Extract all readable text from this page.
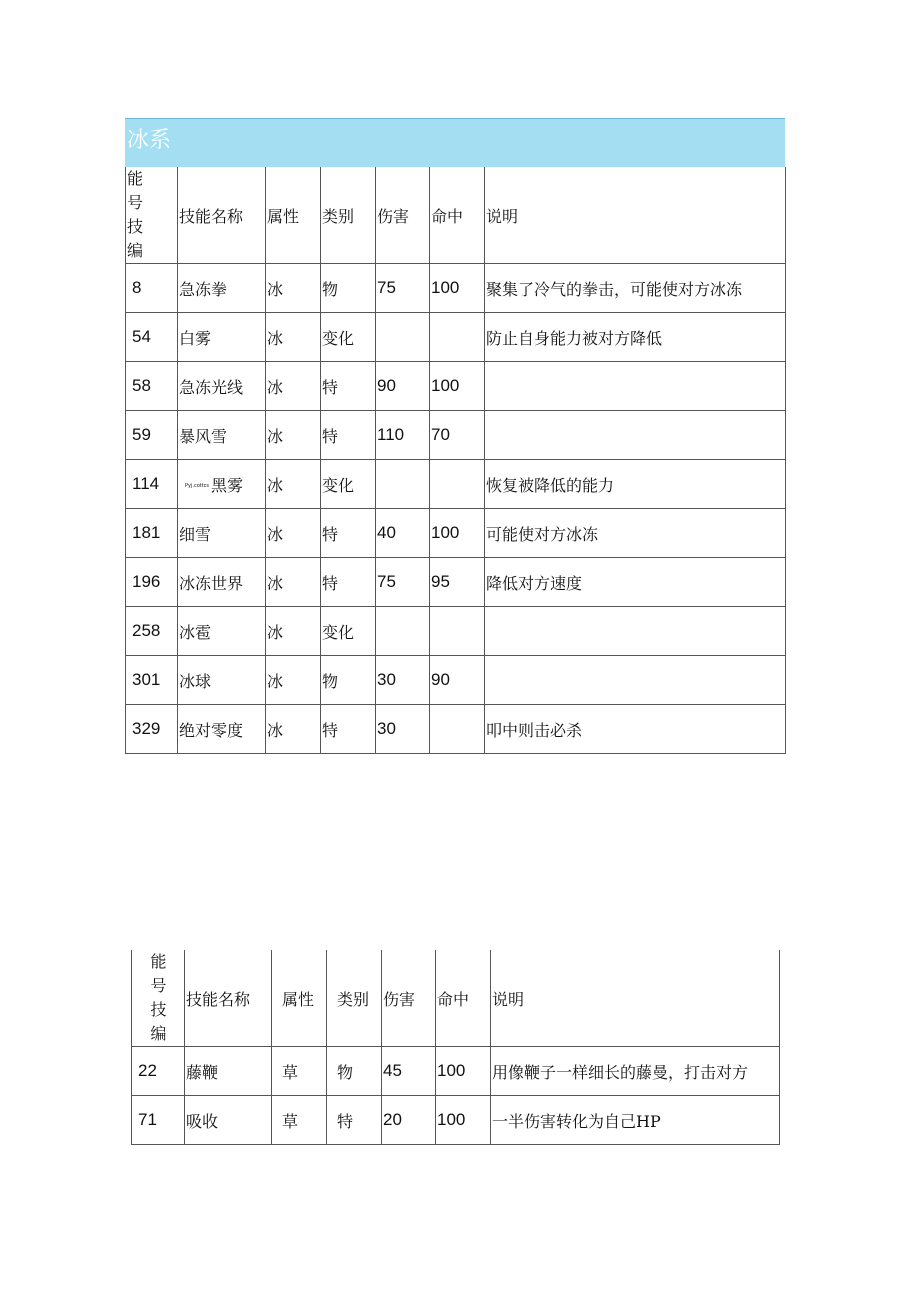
冰系
能
号
技
编	技能名称	属性	类别	伤害	命中	说明
8	急冻拳	冰	物	75	100	聚集了冷气的拳击，可能使对方冰冻
54	白雾	冰	变化			防止自身能力被对方降低
58	急冻光线	冰	特	90	100	
59	暴风雪	冰	特	110	70	
114	Pyj.cottcs 黑雾	冰	变化			恢复被降低的能力
181	细雪	冰	特	40	100	可能使对方冰冻
196	冰冻世界	冰	特	75	95	降低对方速度
258	冰雹	冰	变化			
301	冰球	冰	物	30	90	
329	绝对零度	冰	特	30		叩中则击必杀
能
号
技
编	技能名称	属性	类别	伤害	命中	说明
22	藤鞭	草	物	45	100	用像鞭子一样细长的藤曼，打击对方
71	吸收	草	特	20	100	一半伤害转化为自己HP
